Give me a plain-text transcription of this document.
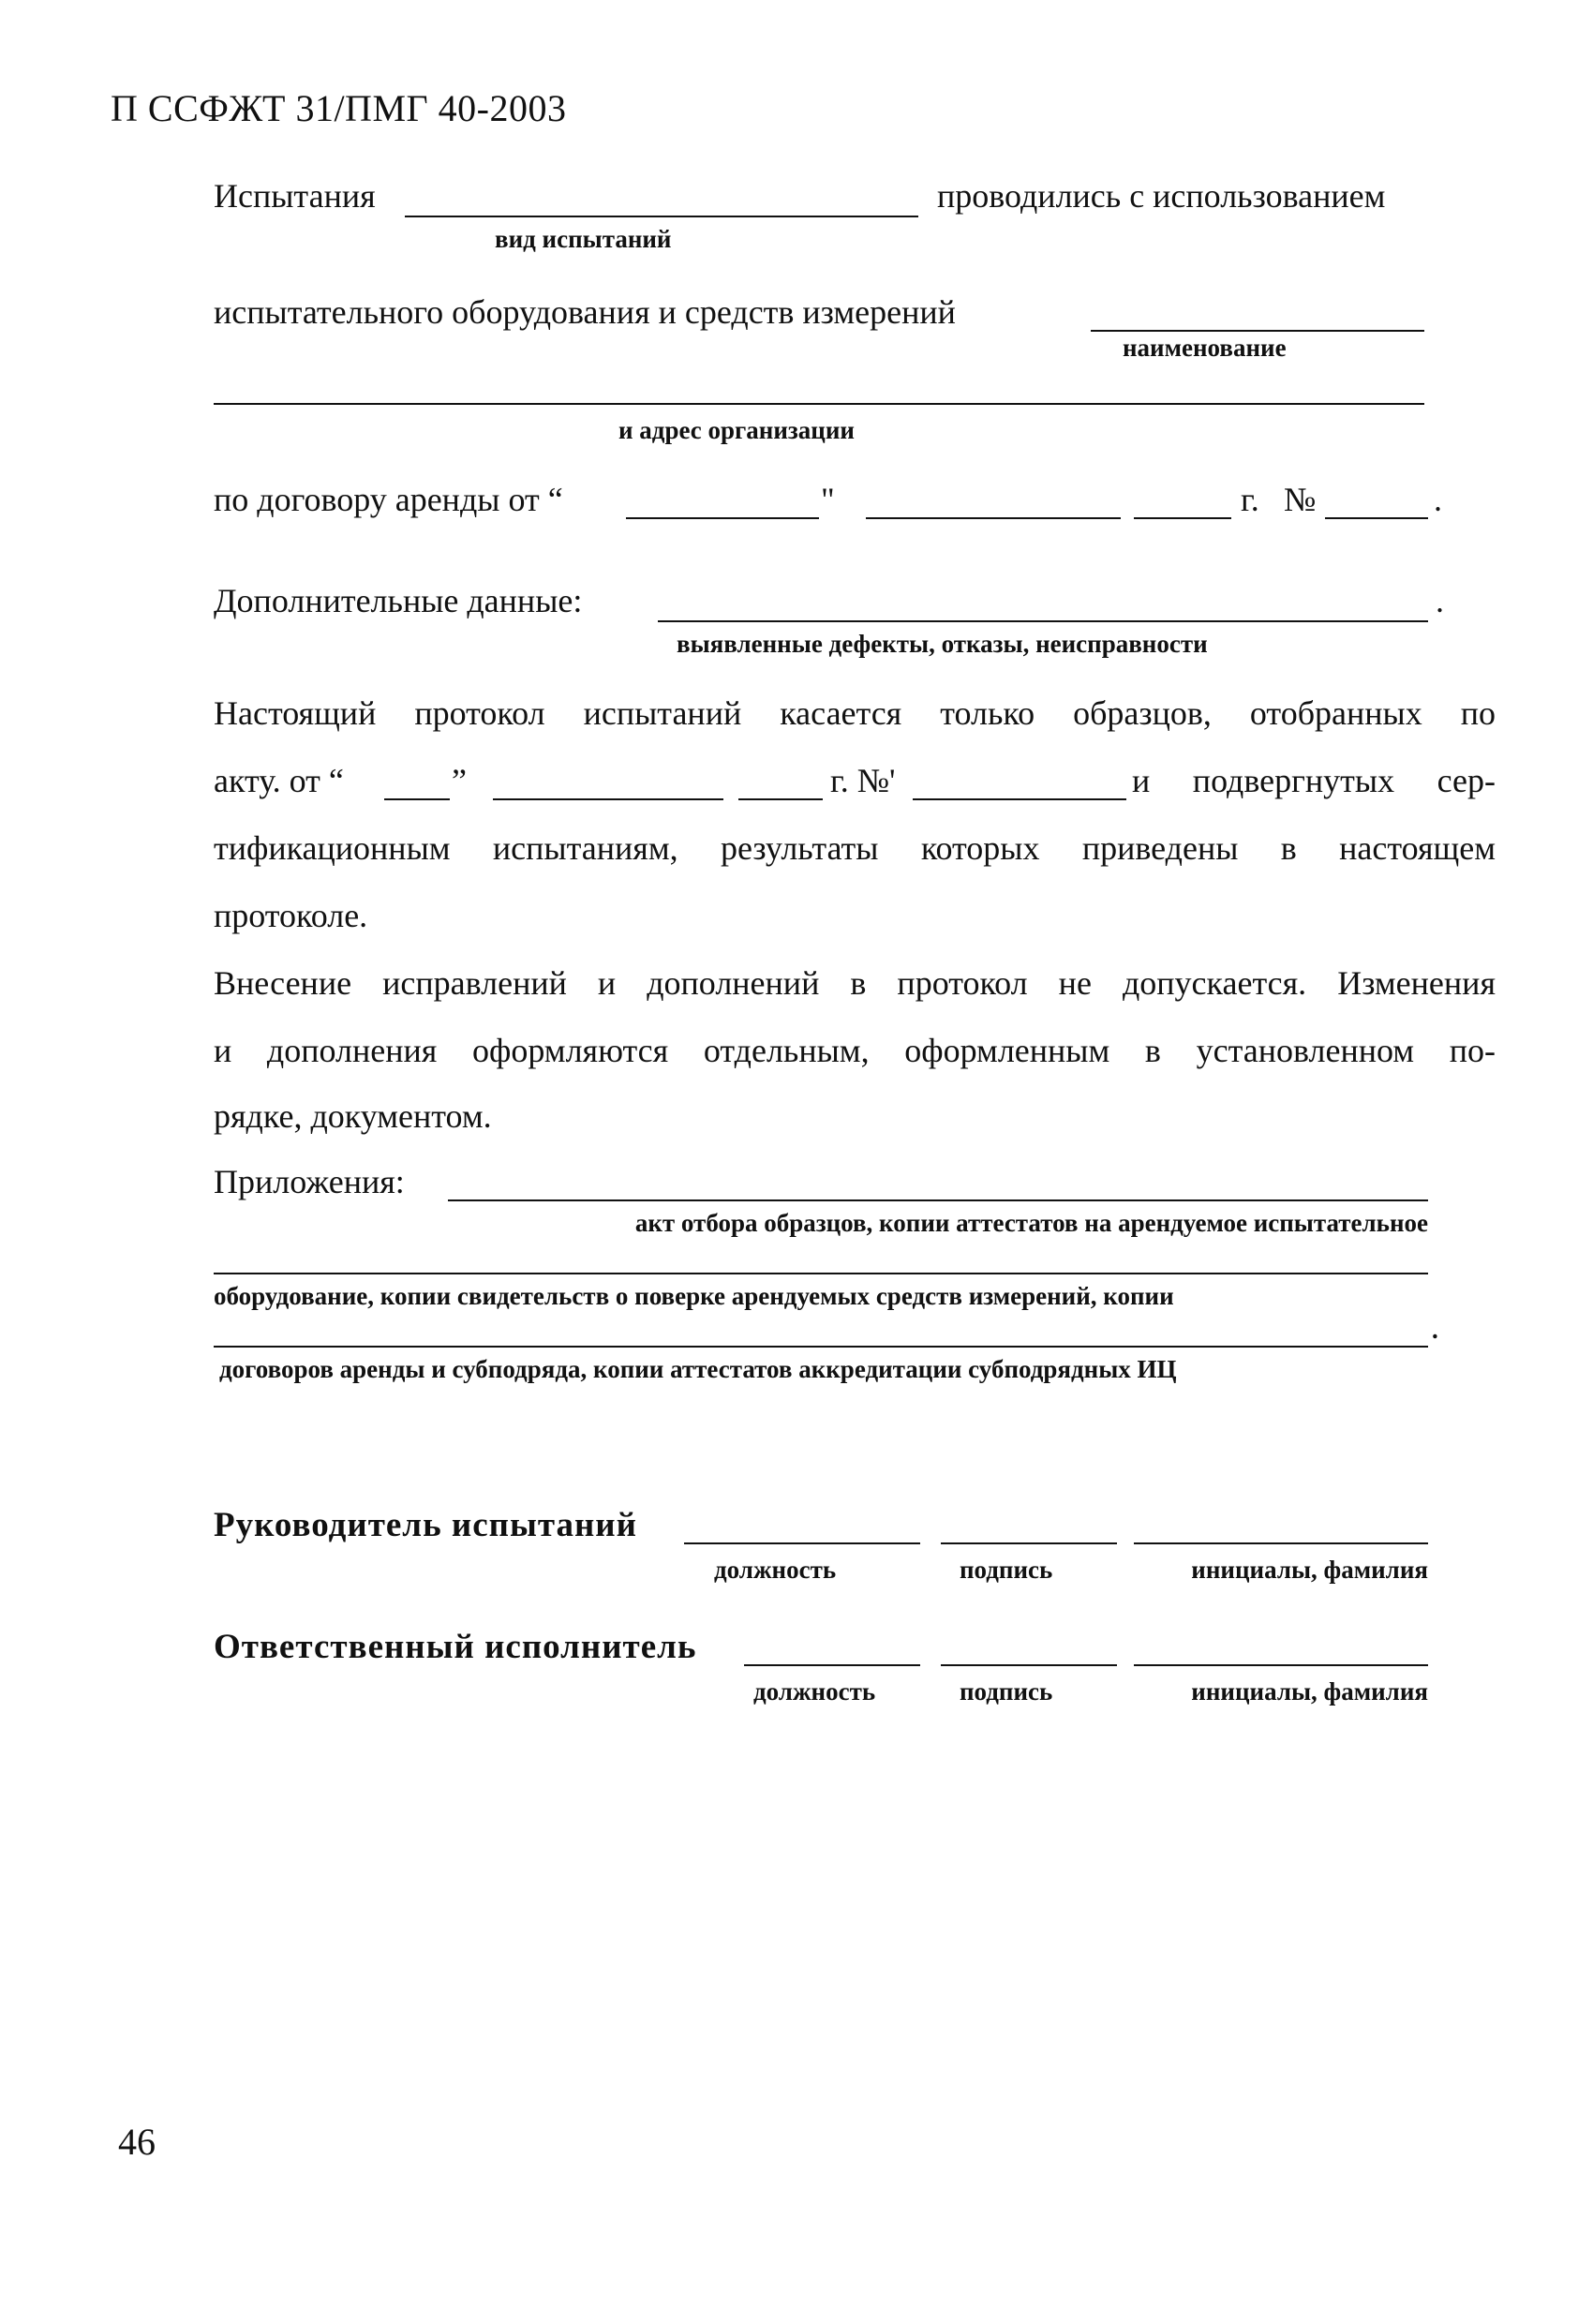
П ССФЖТ 31/ПМГ 40-2003
Испытания	проводились с использованием
вид испытаний
испытательного оборудования и средств измерений
наименование
и адрес организации
по договору аренды от “	"	г. №	.
Дополнительные данные:	.
выявленные дефекты, отказы, неисправности
Настоящий протокол испытаний касается только образцов, отобранных по
акту. от “	”	г. №'	и подвергнутых сер-
тификационным испытаниям, результаты которых приведены в настоящем
протоколе.
Внесение исправлений и дополнений в протокол не допускается. Изменения
и дополнения оформляются отдельным, оформленным в установленном по-
рядке, документом.
Приложения:
акт отбора образцов, копии аттестатов на арендуемое испытательное
оборудование, копии свидетельств о поверке арендуемых средств измерений, копии
.
договоров аренды и субподряда, копии аттестатов аккредитации субподрядных ИЦ
Руководитель испытаний
должность	подпись	инициалы, фамилия
Ответственный исполнитель
должность	подпись	инициалы, фамилия
46
